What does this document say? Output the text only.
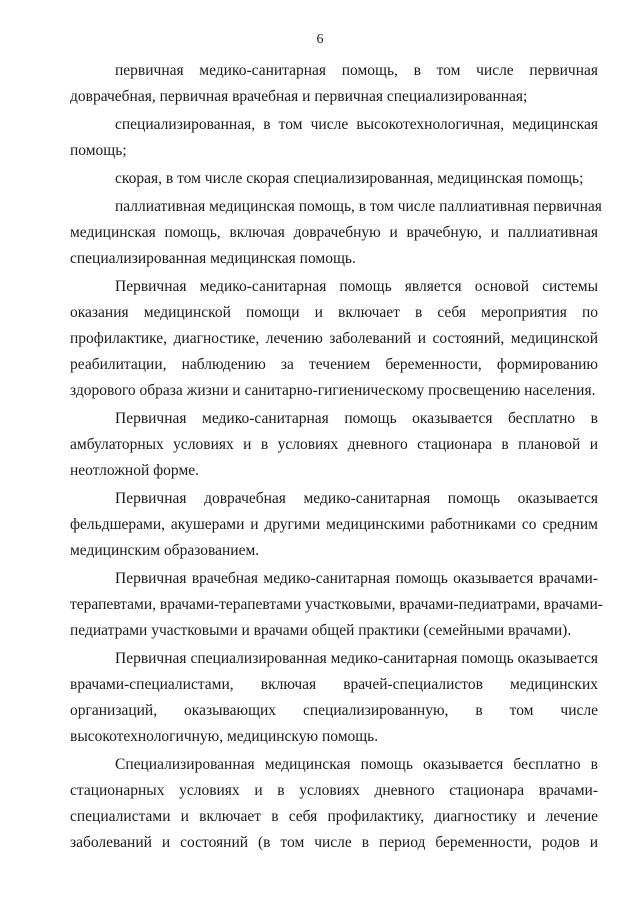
6

первичная медико-санитарная помощь, в том числе первичная
доврачебная, первичная врачебная и первичная специализированная;

специализированная, в том числе высокотехнологичная, медицинская
помощь;

скорая, в том числе скорая специализированная, медицинская помощь;

паллиативная медицинская помощь, в том числе паллиативная первичная
медицинская помощь, включая доврачебную и врачебную, и паллиативная
специализированная медицинская помощь.

Первичная медико-санитарная помощь является основой системы
оказания медицинской помощи и включает в себя мероприятия по
профилактике, диагностике, лечению заболеваний и состояний, медицинской
реабилитации, наблюдению за течением беременности, формированию
здорового образа жизни и санитарно-гигиеническому просвещению населения.

Первичная медико-санитарная помощь оказывается бесплатно в
амбулаторных условиях и в условиях дневного стационара в плановой и
неотложной форме.

Первичная доврачебная медико-санитарная помощь оказывается
фельдшерами, акушерами и другими медицинскими работниками со средним
медицинским образованием.

Первичная врачебная медико-санитарная помощь оказывается врачами-
терапевтами, врачами-терапевтами участковыми, врачами-педиатрами, врачами-
педиатрами участковыми и врачами общей практики (семейными врачами).

Первичная специализированная медико-санитарная помощь оказывается
врачами-специалистами, включая врачей-специалистов медицинских
организаций, оказывающих специализированную, в том числе
высокотехнологичную, медицинскую помощь.

Специализированная медицинская помощь оказывается бесплатно в
стационарных условиях и в условиях дневного стационара врачами-
специалистами и включает в себя профилактику, диагностику и лечение
заболеваний и состояний (в том числе в период беременности, родов и
